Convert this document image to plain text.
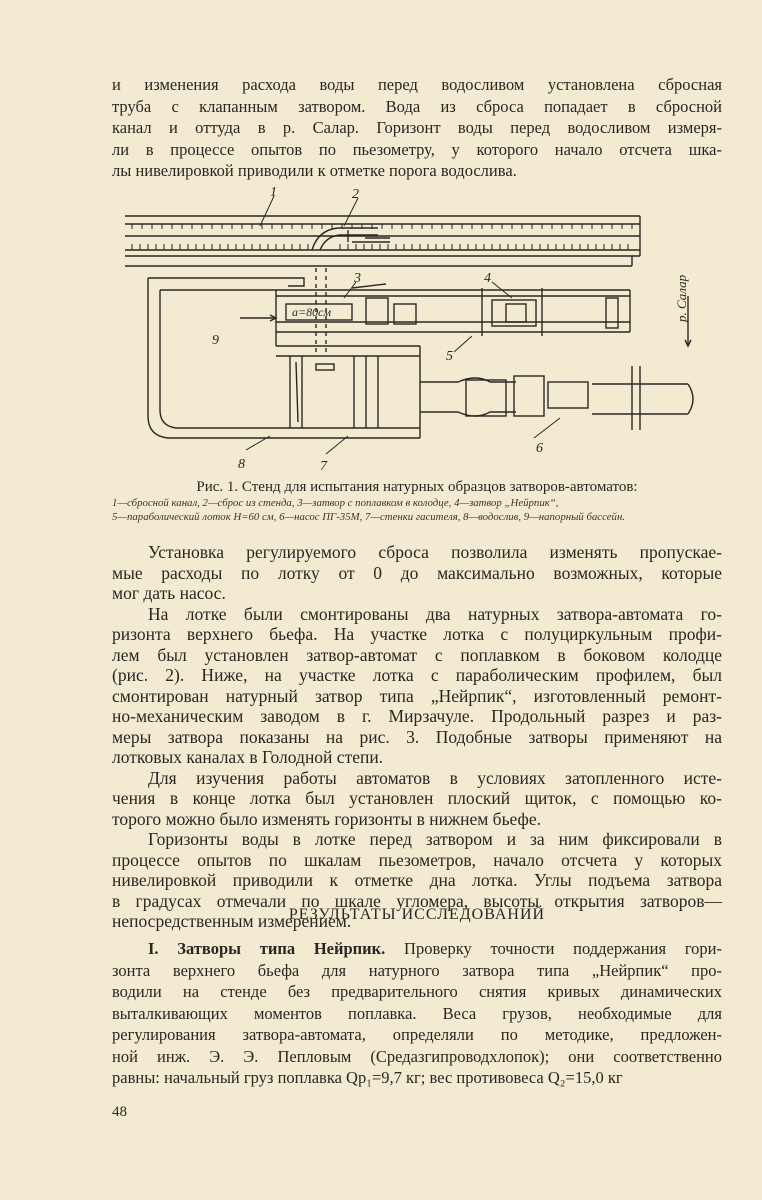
и изменения расхода воды перед водосливом установлена сбросная
труба с клапанным затвором. Вода из сброса попадает в сбросной
канал и оттуда в р. Салар. Горизонт воды перед водосливом измеря-
ли в процессе опытов по пьезометру, у которого начало отсчета шка-
лы нивелировкой приводили к отметке порога водослива.

1	2
3	4
5
6
7
8
9
a=80см	р. Салар
Рис. 1. Стенд для испытания натурных образцов затворов-автоматов:
1—сбросной канал, 2—сброс из стенда, 3—затвор с поплавком в колодце, 4—затвор „Нейрпик“,
5—параболический лоток H=60 см, 6—насос ПГ-35М, 7—стенки гасителя, 8—водослив, 9—напорный бассейн.

Установка регулируемого сброса позволила изменять пропускае-
мые расходы по лотку от 0 до максимально возможных, которые
мог дать насос.
На лотке были смонтированы два натурных затвора-автомата го-
ризонта верхнего бьефа. На участке лотка с полуциркульным профи-
лем был установлен затвор-автомат с поплавком в боковом колодце
(рис. 2). Ниже, на участке лотка с параболическим профилем, был
смонтирован натурный затвор типа „Нейрпик“, изготовленный ремонт-
но-механическим заводом в г. Мирзачуле. Продольный разрез и раз-
меры затвора показаны на рис. 3. Подобные затворы применяют на
лотковых каналах в Голодной степи.
Для изучения работы автоматов в условиях затопленного исте-
чения в конце лотка был установлен плоский щиток, с помощью ко-
торого можно было изменять горизонты в нижнем бьефе.
Горизонты воды в лотке перед затвором и за ним фиксировали в
процессе опытов по шкалам пьезометров, начало отсчета у которых
нивелировкой приводили к отметке дна лотка. Углы подъема затвора
в градусах отмечали по шкале угломера, высоты открытия затворов—
непосредственным измерением.

РЕЗУЛЬТАТЫ ИССЛЕДОВАНИЙ

I. Затворы типа Нейрпик. Проверку точности поддержания гори-
зонта верхнего бьефа для натурного затвора типа „Нейрпик“ про-
водили на стенде без предварительного снятия кривых динамических
выталкивающих моментов поплавка. Веса грузов, необходимые для
регулирования затвора-автомата, определяли по методике, предложен-
ной инж. Э. Э. Пепловым (Средазгипроводхлопок); они соответственно
равны: начальный груз поплавка Qр₁=9,7 кг; вес противовеса Q₂=15,0 кг

48
